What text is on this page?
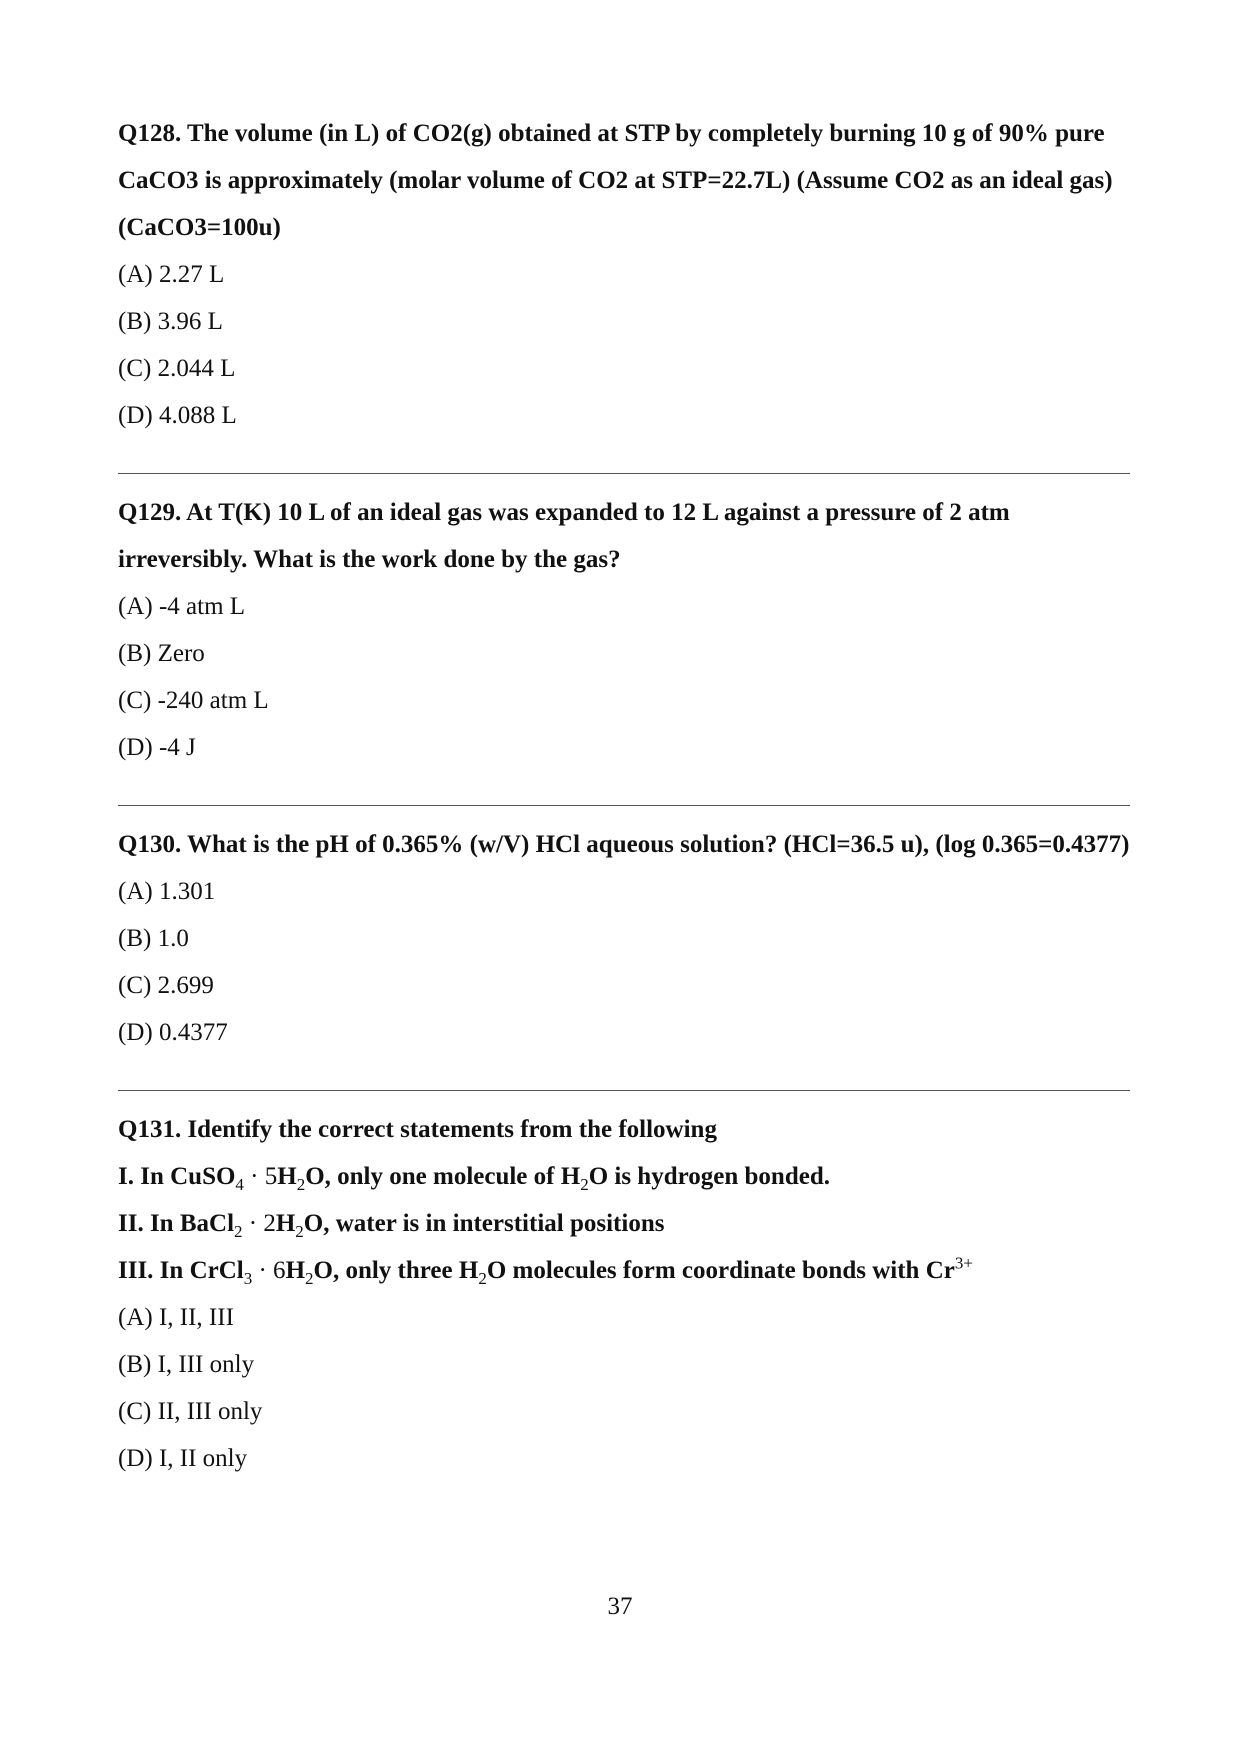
Q128. The volume (in L) of CO2(g) obtained at STP by completely burning 10 g of 90% pure CaCO3 is approximately (molar volume of CO2 at STP=22.7L) (Assume CO2 as an ideal gas) (CaCO3=100u)

(A) 2.27 L

(B) 3.96 L

(C) 2.044 L

(D) 4.088 L

Q129. At T(K) 10 L of an ideal gas was expanded to 12 L against a pressure of 2 atm irreversibly. What is the work done by the gas?

(A) -4 atm L

(B) Zero

(C) -240 atm L

(D) -4 J

Q130. What is the pH of 0.365% (w/V) HCl aqueous solution? (HCl=36.5 u), (log 0.365=0.4377)

(A) 1.301

(B) 1.0

(C) 2.699

(D) 0.4377

Q131. Identify the correct statements from the following

I. In CuSO$_4$ · $5H_2O$, only one molecule of $H_2O$ is hydrogen bonded.

II. In BaCl$_2$ · $2H_2O$, water is in interstitial positions

III. In CrCl$_3$ · $6H_2O$, only three $H_2O$ molecules form coordinate bonds with $Cr^{3+}$

(A) I, II, III

(B) I, III only

(C) II, III only

(D) I, II only

37
